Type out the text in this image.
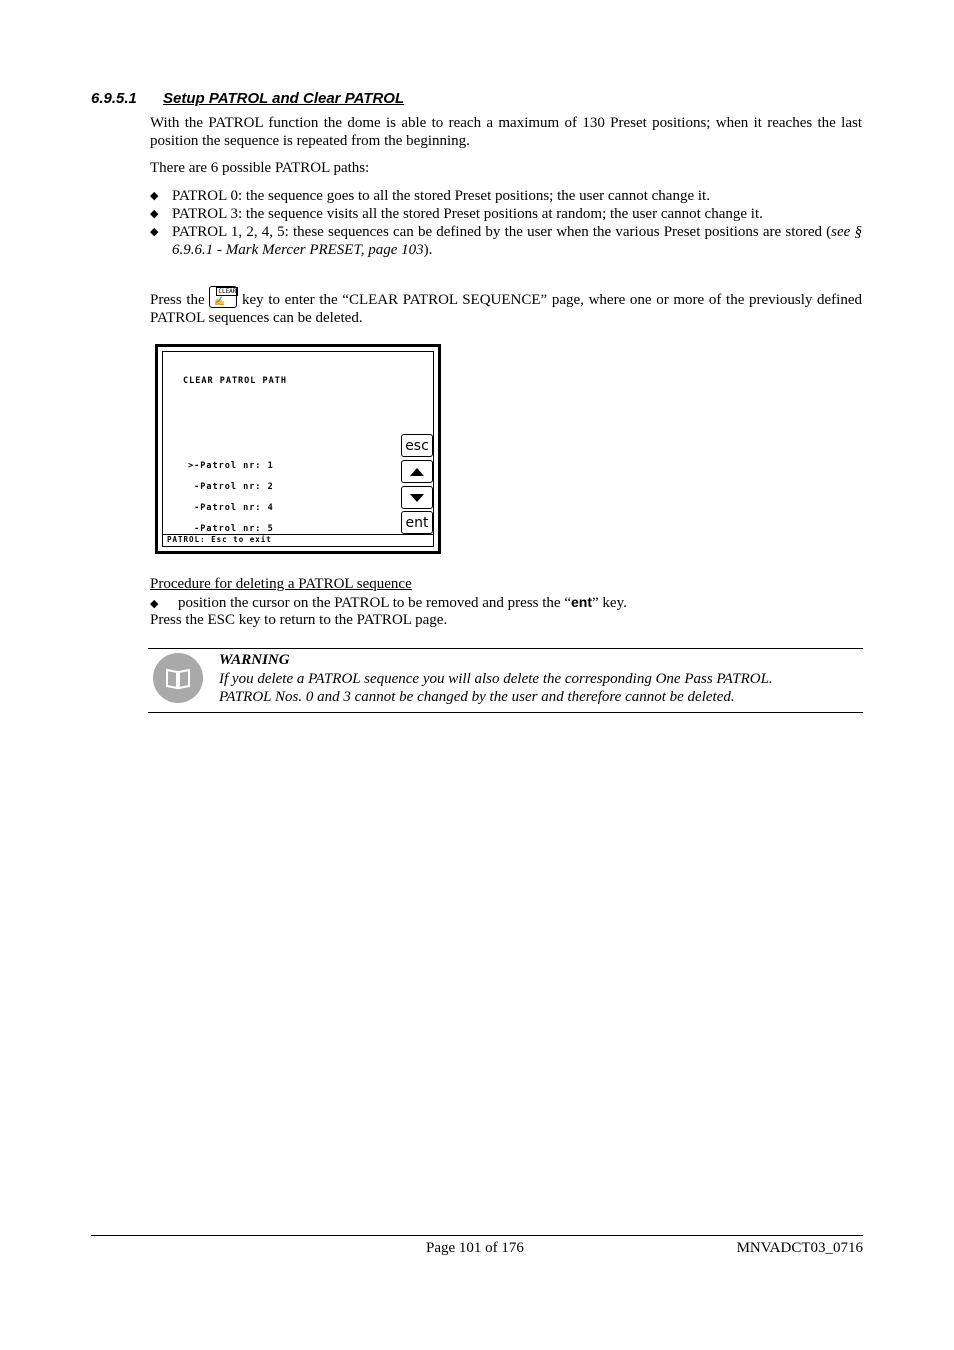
6.9.5.1 Setup PATROL and Clear PATROL
With the PATROL function the dome is able to reach a maximum of 130 Preset positions; when it reaches the last position the sequence is repeated from the beginning.
There are 6 possible PATROL paths:
◆ PATROL 0: the sequence goes to all the stored Preset positions; the user cannot change it.
◆ PATROL 3: the sequence visits all the stored Preset positions at random; the user cannot change it.
◆ PATROL 1, 2, 4, 5: these sequences can be defined by the user when the various Preset positions are stored (see § 6.9.6.1 - Mark Mercer PRESET, page 103).
Press the
CLEAR
✍ key to enter the “CLEAR PATROL SEQUENCE” page, where one or more of the previously defined PATROL sequences can be deleted.
CLEAR PATROL PATH

>-Patrol nr: 1

-Patrol nr: 2

-Patrol nr: 4

-Patrol nr: 5

esc
ent
PATROL: Esc to exit
Procedure for deleting a PATROL sequence
◆ position the cursor on the PATROL to be removed and press the “ent” key.
Press the ESC key to return to the PATROL page.
WARNING
If you delete a PATROL sequence you will also delete the corresponding One Pass PATROL.
PATROL Nos. 0 and 3 cannot be changed by the user and therefore cannot be deleted.
Page 101 of 176	MNVADCT03_0716
